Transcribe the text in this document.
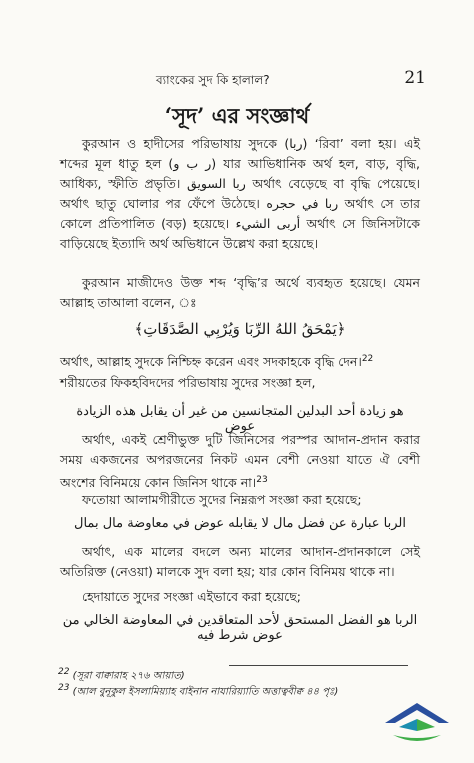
ব্যাংকের সুদ কি হালাল?	21
‘সূদ’ এর সংজ্ঞার্থ
কুরআন ও হাদীসের পরিভাষায় সুদকে (ربا) ‘রিবা’ বলা হয়। এই শব্দের মূল ধাতু হল (ر ب و) যার আভিধানিক অর্থ হল, বাড়, বৃদ্ধি, আধিক্য, স্ফীতি প্রভৃতি। ربا السويق অর্থাৎ বেড়েছে বা বৃদ্ধি পেয়েছে। অর্থাৎ ছাতু ঘোলার পর ফেঁপে উঠেছে। ربا في حجره অর্থাৎ সে তার কোলে প্রতিপালিত (বড়) হয়েছে। أربى الشيء অর্থাৎ সে জিনিসটাকে বাড়িয়েছে ইত্যাদি অর্থ অভিধানে উল্লেখ করা হয়েছে।
কুরআন মাজীদেও উক্ত শব্দ ‘বৃদ্ধি’র অর্থে ব্যবহৃত হয়েছে। যেমন আল্লাহ তাআলা বলেন, ঃ
﴿يَمْحَقُ اللهُ الرِّبَا وَيُرْبِي الصَّدَقَاتِ﴾
অর্থাৎ, আল্লাহ সুদকে নিশ্চিহ্ন করেন এবং সদকাহকে বৃদ্ধি দেন।$^{22}$
শরীয়তের ফিকহবিদদের পরিভাষায় সুদের সংজ্ঞা হল,
هو زيادة أحد البدلين المتجانسين من غير أن يقابل هذه الزيادة عوض
অর্থাৎ, একই শ্রেণীভুক্ত দুটি জিনিসের পরস্পর আদান-প্রদান করার সময় একজনের অপরজনের নিকট এমন বেশী নেওয়া যাতে ঐ বেশী অংশের বিনিময়ে কোন জিনিস থাকে না।$^{23}$
ফতোয়া আলামগীরীতে সুদের নিম্নরূপ সংজ্ঞা করা হয়েছে;
الربا عبارة عن فضل مال لا يقابله عوض في معاوضة مال بمال
অর্থাৎ, এক মালের বদলে অন্য মালের আদান-প্রদানকালে সেই অতিরিক্ত (নেওয়া) মালকে সুদ বলা হয়; যার কোন বিনিময় থাকে না।
হেদায়াতে সুদের সংজ্ঞা এইভাবে করা হয়েছে;
الربا هو الفضل المستحق لأحد المتعاقدين في المعاوضة الخالي من عوض شرط فيه
$^{22}$ (সূরা বাক্বারাহ ২৭৬ আয়াত)
$^{23}$ (আল বুনূকুল ইসলামিয়্যাহ বাইনান নাযারিয়্যাতি অত্তাত্ববীক্ব ৪৪ পৃঃ)
